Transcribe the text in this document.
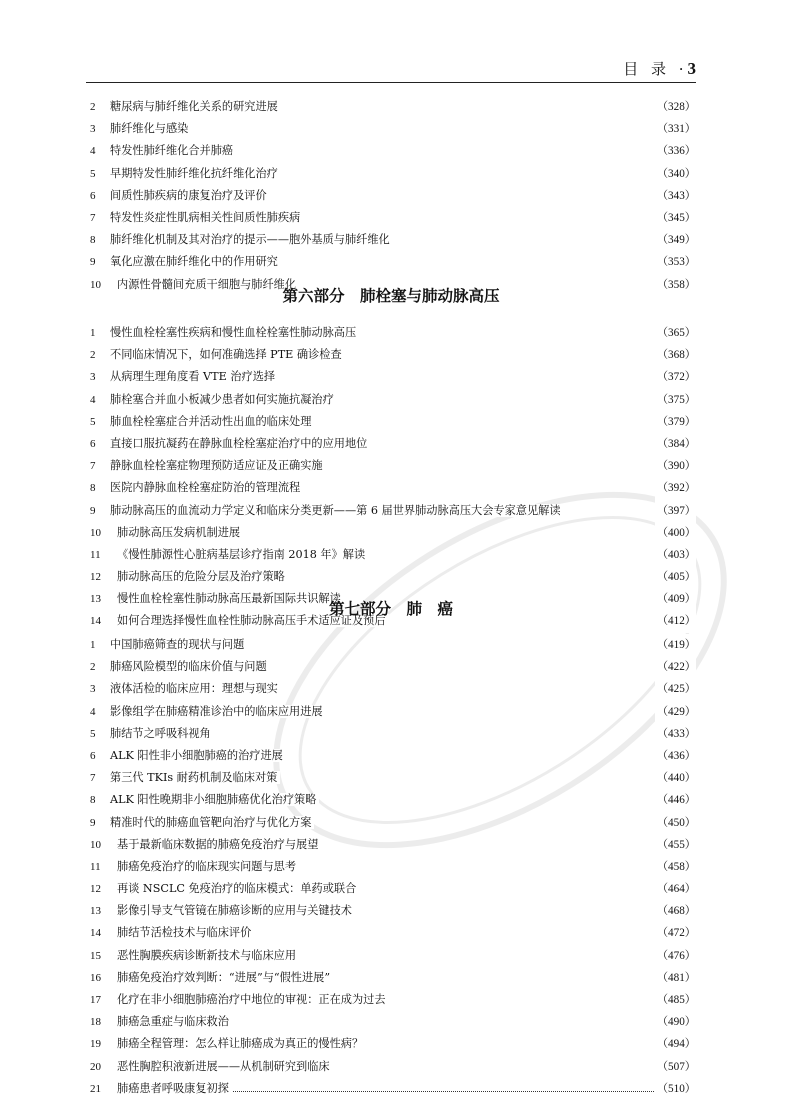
目 录 ·3
2	糖尿病与肺纤维化关系的研究进展	（328）
3	肺纤维化与感染	（331）
4	特发性肺纤维化合并肺癌	（336）
5	早期特发性肺纤维化抗纤维化治疗	（340）
6	间质性肺疾病的康复治疗及评价	（343）
7	特发性炎症性肌病相关性间质性肺疾病	（345）
8	肺纤维化机制及其对治疗的提示——胞外基质与肺纤维化	（349）
9	氧化应激在肺纤维化中的作用研究	（353）
10	内源性骨髓间充质干细胞与肺纤维化	（358）
第六部分　肺栓塞与肺动脉高压
1	慢性血栓栓塞性疾病和慢性血栓栓塞性肺动脉高压	（365）
2	不同临床情况下，如何准确选择 PTE 确诊检查	（368）
3	从病理生理角度看 VTE 治疗选择	（372）
4	肺栓塞合并血小板减少患者如何实施抗凝治疗	（375）
5	肺血栓栓塞症合并活动性出血的临床处理	（379）
6	直接口服抗凝药在静脉血栓栓塞症治疗中的应用地位	（384）
7	静脉血栓栓塞症物理预防适应证及正确实施	（390）
8	医院内静脉血栓栓塞症防治的管理流程	（392）
9	肺动脉高压的血流动力学定义和临床分类更新——第 6 届世界肺动脉高压大会专家意见解读	（397）
10	肺动脉高压发病机制进展	（400）
11	《慢性肺源性心脏病基层诊疗指南 2018 年》解读	（403）
12	肺动脉高压的危险分层及治疗策略	（405）
13	慢性血栓栓塞性肺动脉高压最新国际共识解读	（409）
14	如何合理选择慢性血栓性肺动脉高压手术适应证及预后	（412）
第七部分　肺　癌
1	中国肺癌筛查的现状与问题	（419）
2	肺癌风险模型的临床价值与问题	（422）
3	液体活检的临床应用：理想与现实	（425）
4	影像组学在肺癌精准诊治中的临床应用进展	（429）
5	肺结节之呼吸科视角	（433）
6	ALK 阳性非小细胞肺癌的治疗进展	（436）
7	第三代 TKIs 耐药机制及临床对策	（440）
8	ALK 阳性晚期非小细胞肺癌优化治疗策略	（446）
9	精准时代的肺癌血管靶向治疗与优化方案	（450）
10	基于最新临床数据的肺癌免疫治疗与展望	（455）
11	肺癌免疫治疗的临床现实问题与思考	（458）
12	再谈 NSCLC 免疫治疗的临床模式：单药或联合	（464）
13	影像引导支气管镜在肺癌诊断的应用与关键技术	（468）
14	肺结节活检技术与临床评价	（472）
15	恶性胸膜疾病诊断新技术与临床应用	（476）
16	肺癌免疫治疗效判断：“进展”与“假性进展”	（481）
17	化疗在非小细胞肺癌治疗中地位的审视：正在成为过去	（485）
18	肺癌急重症与临床救治	（490）
19	肺癌全程管理：怎么样让肺癌成为真正的慢性病？	（494）
20	恶性胸腔积液新进展——从机制研究到临床	（507）
21	肺癌患者呼吸康复初探	（510）
